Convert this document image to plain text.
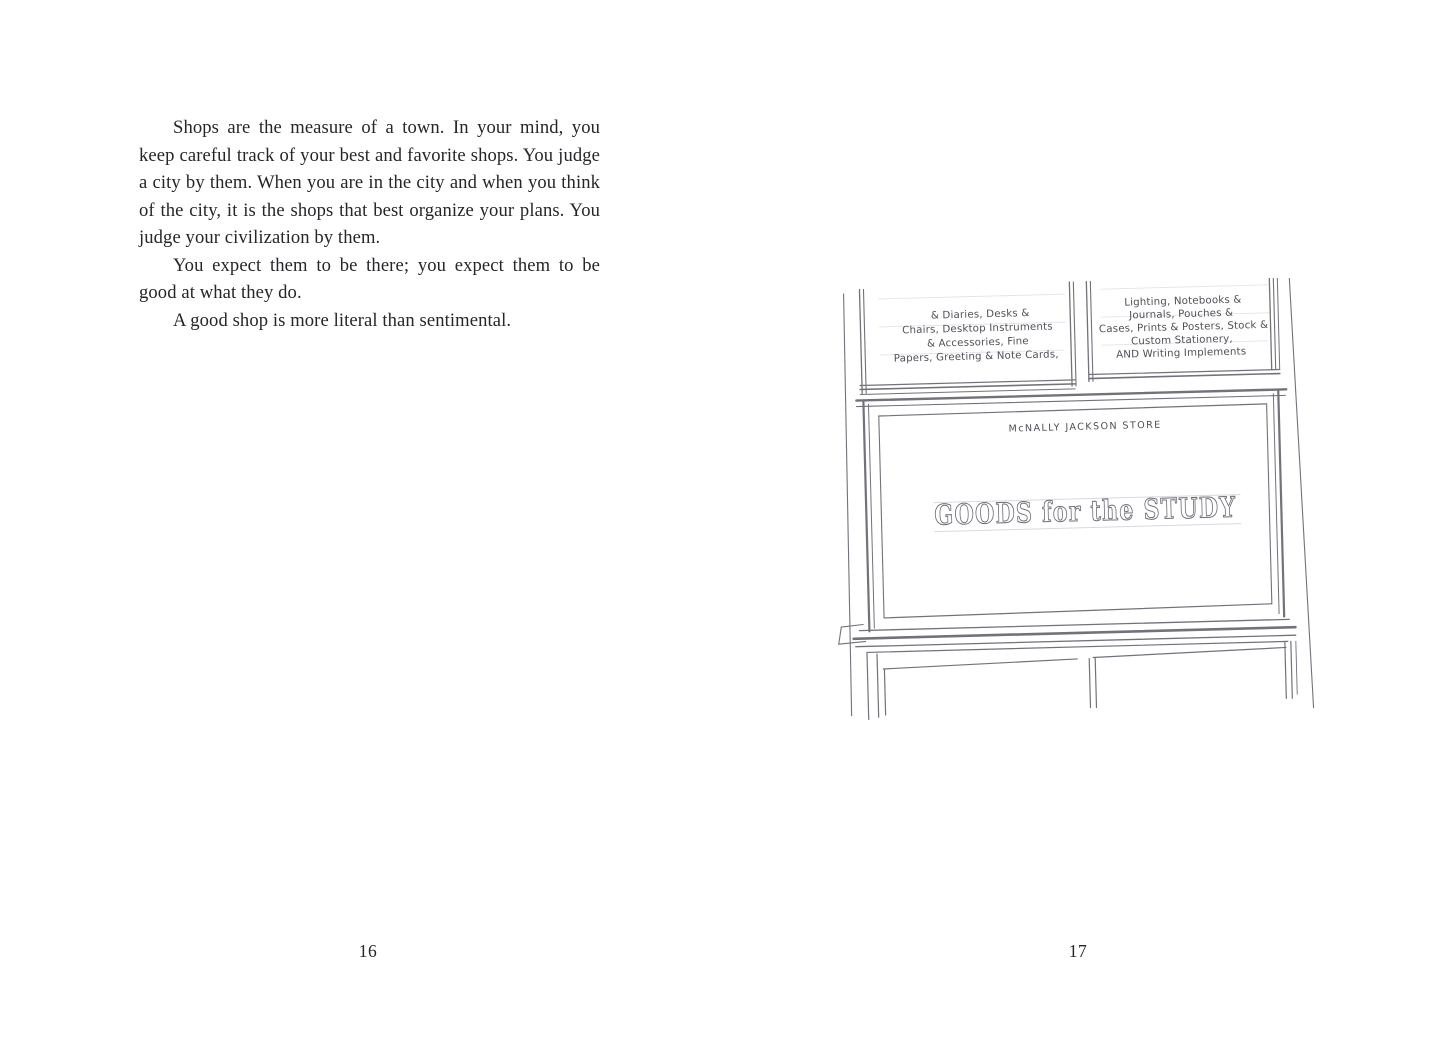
Shops are the measure of a town. In your mind, you keep careful track of your best and favorite shops. You judge a city by them. When you are in the city and when you think of the city, it is the shops that best organize your plans. You judge your civilization by them.

You expect them to be there; you expect them to be good at what they do.

A good shop is more literal than sentimental.

16	17
& Diaries, Desks &
Chairs, Desktop Instruments
& Accessories, Fine
Papers, Greeting & Note Cards,
Lighting, Notebooks &
Journals, Pouches &
Cases, Prints & Posters, Stock &
Custom Stationery,
AND Writing Implements
McNALLY JACKSON STORE
GOODS for the STUDY
